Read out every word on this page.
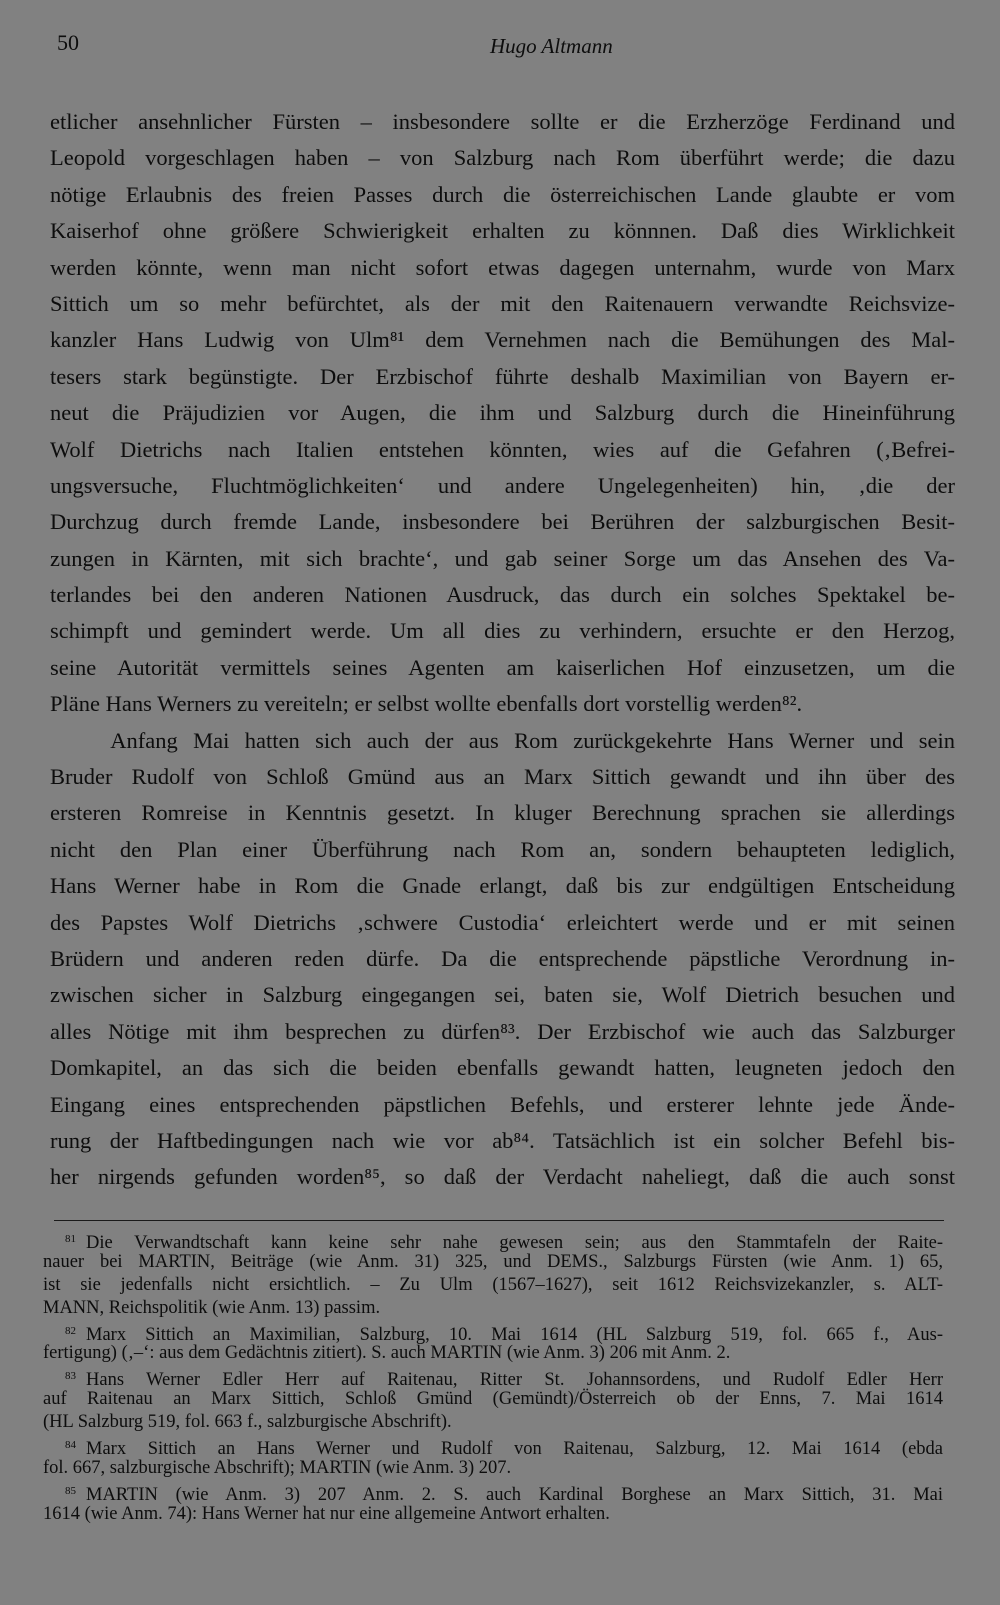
50	Hugo Altmann
etlicher ansehnlicher Fürsten – insbesondere sollte er die Erzherzöge Ferdinand und
Leopold vorgeschlagen haben – von Salzburg nach Rom überführt werde; die dazu
nötige Erlaubnis des freien Passes durch die österreichischen Lande glaubte er vom
Kaiserhof ohne größere Schwierigkeit erhalten zu könnnen. Daß dies Wirklichkeit
werden könnte, wenn man nicht sofort etwas dagegen unternahm, wurde von Marx
Sittich um so mehr befürchtet, als der mit den Raitenauern verwandte Reichsvize-
kanzler Hans Ludwig von Ulm⁸¹ dem Vernehmen nach die Bemühungen des Mal-
tesers stark begünstigte. Der Erzbischof führte deshalb Maximilian von Bayern er-
neut die Präjudizien vor Augen, die ihm und Salzburg durch die Hineinführung
Wolf Dietrichs nach Italien entstehen könnten, wies auf die Gefahren (‚Befrei-
ungsversuche, Fluchtmöglichkeiten‘ und andere Ungelegenheiten) hin, ‚die der
Durchzug durch fremde Lande, insbesondere bei Berühren der salzburgischen Besit-
zungen in Kärnten, mit sich brachte‘, und gab seiner Sorge um das Ansehen des Va-
terlandes bei den anderen Nationen Ausdruck, das durch ein solches Spektakel be-
schimpft und gemindert werde. Um all dies zu verhindern, ersuchte er den Herzog,
seine Autorität vermittels seines Agenten am kaiserlichen Hof einzusetzen, um die
Pläne Hans Werners zu vereiteln; er selbst wollte ebenfalls dort vorstellig werden⁸².
Anfang Mai hatten sich auch der aus Rom zurückgekehrte Hans Werner und sein
Bruder Rudolf von Schloß Gmünd aus an Marx Sittich gewandt und ihn über des
ersteren Romreise in Kenntnis gesetzt. In kluger Berechnung sprachen sie allerdings
nicht den Plan einer Überführung nach Rom an, sondern behaupteten lediglich,
Hans Werner habe in Rom die Gnade erlangt, daß bis zur endgültigen Entscheidung
des Papstes Wolf Dietrichs ‚schwere Custodia‘ erleichtert werde und er mit seinen
Brüdern und anderen reden dürfe. Da die entsprechende päpstliche Verordnung in-
zwischen sicher in Salzburg eingegangen sei, baten sie, Wolf Dietrich besuchen und
alles Nötige mit ihm besprechen zu dürfen⁸³. Der Erzbischof wie auch das Salzburger
Domkapitel, an das sich die beiden ebenfalls gewandt hatten, leugneten jedoch den
Eingang eines entsprechenden päpstlichen Befehls, und ersterer lehnte jede Ände-
rung der Haftbedingungen nach wie vor ab⁸⁴. Tatsächlich ist ein solcher Befehl bis-
her nirgends gefunden worden⁸⁵, so daß der Verdacht naheliegt, daß die auch sonst
$^{81}$ Die Verwandtschaft kann keine sehr nahe gewesen sein; aus den Stammtafeln der Raite-
nauer bei MARTIN, Beiträge (wie Anm. 31) 325, und DEMS., Salzburgs Fürsten (wie Anm. 1) 65,
ist sie jedenfalls nicht ersichtlich. – Zu Ulm (1567–1627), seit 1612 Reichsvizekanzler, s. ALT-
MANN, Reichspolitik (wie Anm. 13) passim.
$^{82}$ Marx Sittich an Maximilian, Salzburg, 10. Mai 1614 (HL Salzburg 519, fol. 665 f., Aus-
fertigung) (‚–‘: aus dem Gedächtnis zitiert). S. auch MARTIN (wie Anm. 3) 206 mit Anm. 2.
$^{83}$ Hans Werner Edler Herr auf Raitenau, Ritter St. Johannsordens, und Rudolf Edler Herr
auf Raitenau an Marx Sittich, Schloß Gmünd (Gemündt)/Österreich ob der Enns, 7. Mai 1614
(HL Salzburg 519, fol. 663 f., salzburgische Abschrift).
$^{84}$ Marx Sittich an Hans Werner und Rudolf von Raitenau, Salzburg, 12. Mai 1614 (ebda
fol. 667, salzburgische Abschrift); MARTIN (wie Anm. 3) 207.
$^{85}$ MARTIN (wie Anm. 3) 207 Anm. 2. S. auch Kardinal Borghese an Marx Sittich, 31. Mai
1614 (wie Anm. 74): Hans Werner hat nur eine allgemeine Antwort erhalten.
